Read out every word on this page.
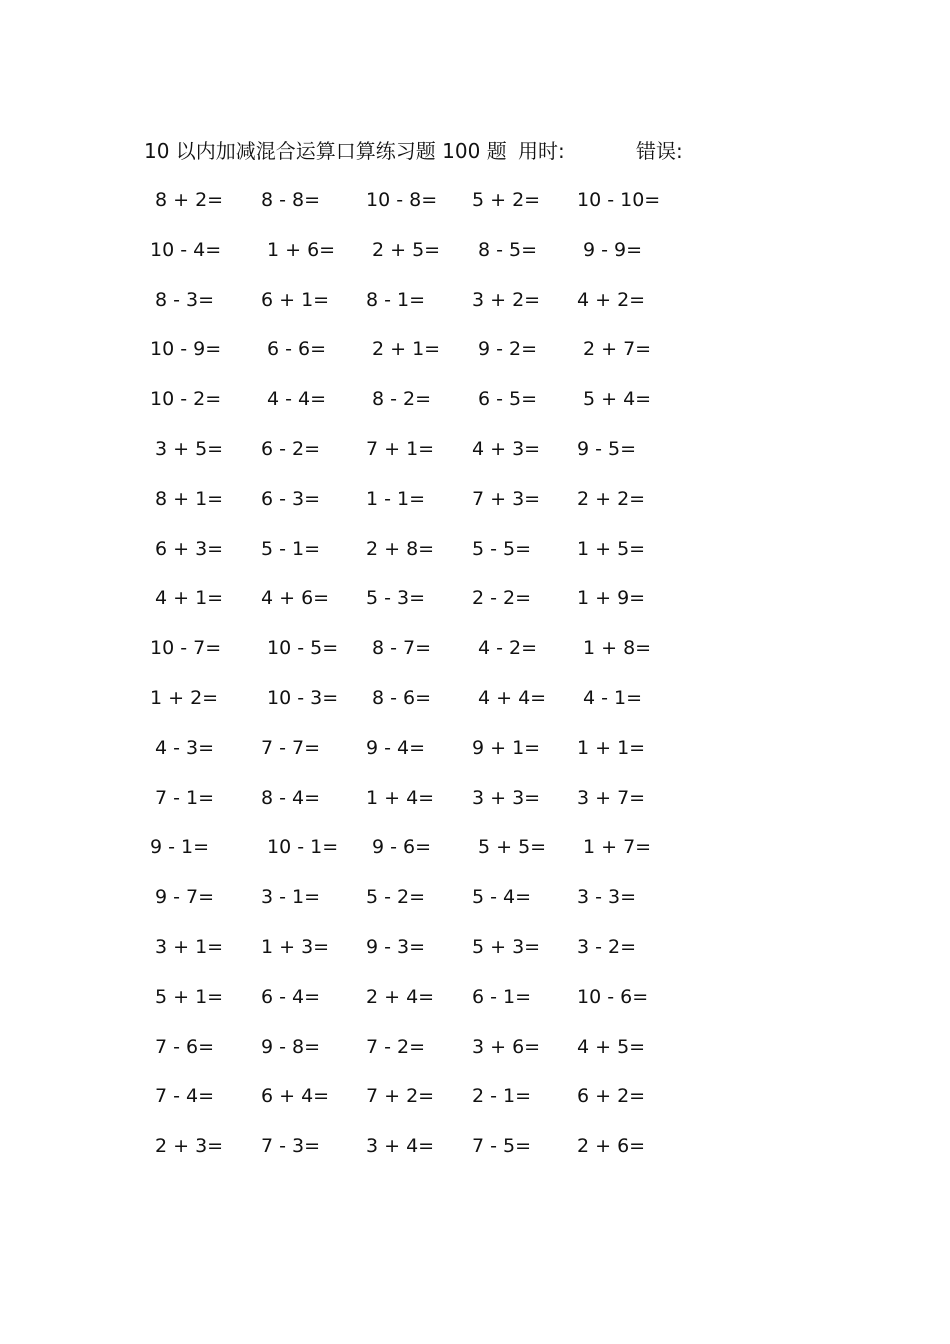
10 以内加减混合运算口算练习题 100 题 用时:	错误:
8 + 2= 8 - 8= 10 - 8= 5 + 2= 10 - 10=
10 - 4= 1 + 6= 2 + 5= 8 - 5= 9 - 9=
8 - 3= 6 + 1= 8 - 1= 3 + 2= 4 + 2=
10 - 9= 6 - 6= 2 + 1= 9 - 2= 2 + 7=
10 - 2= 4 - 4= 8 - 2= 6 - 5= 5 + 4=
3 + 5= 6 - 2= 7 + 1= 4 + 3= 9 - 5=
8 + 1= 6 - 3= 1 - 1= 7 + 3= 2 + 2=
6 + 3= 5 - 1= 2 + 8= 5 - 5= 1 + 5=
4 + 1= 4 + 6= 5 - 3= 2 - 2= 1 + 9=
10 - 7= 10 - 5= 8 - 7= 4 - 2= 1 + 8=
1 + 2=	10 - 3= 8 - 6= 4 + 4= 4 - 1=
4 - 3= 7 - 7= 9 - 4= 9 + 1= 1 + 1=
7 - 1= 8 - 4= 1 + 4= 3 + 3= 3 + 7=
9 - 1=	10 - 1= 9 - 6= 5 + 5= 1 + 7=
9 - 7= 3 - 1= 5 - 2= 5 - 4= 3 - 3=
3 + 1= 1 + 3= 9 - 3= 5 + 3= 3 - 2=
5 + 1= 6 - 4= 2 + 4= 6 - 1= 10 - 6=
7 - 6= 9 - 8= 7 - 2= 3 + 6= 4 + 5=
7 - 4= 6 + 4= 7 + 2= 2 - 1= 6 + 2=
2 + 3= 7 - 3= 3 + 4= 7 - 5= 2 + 6=
